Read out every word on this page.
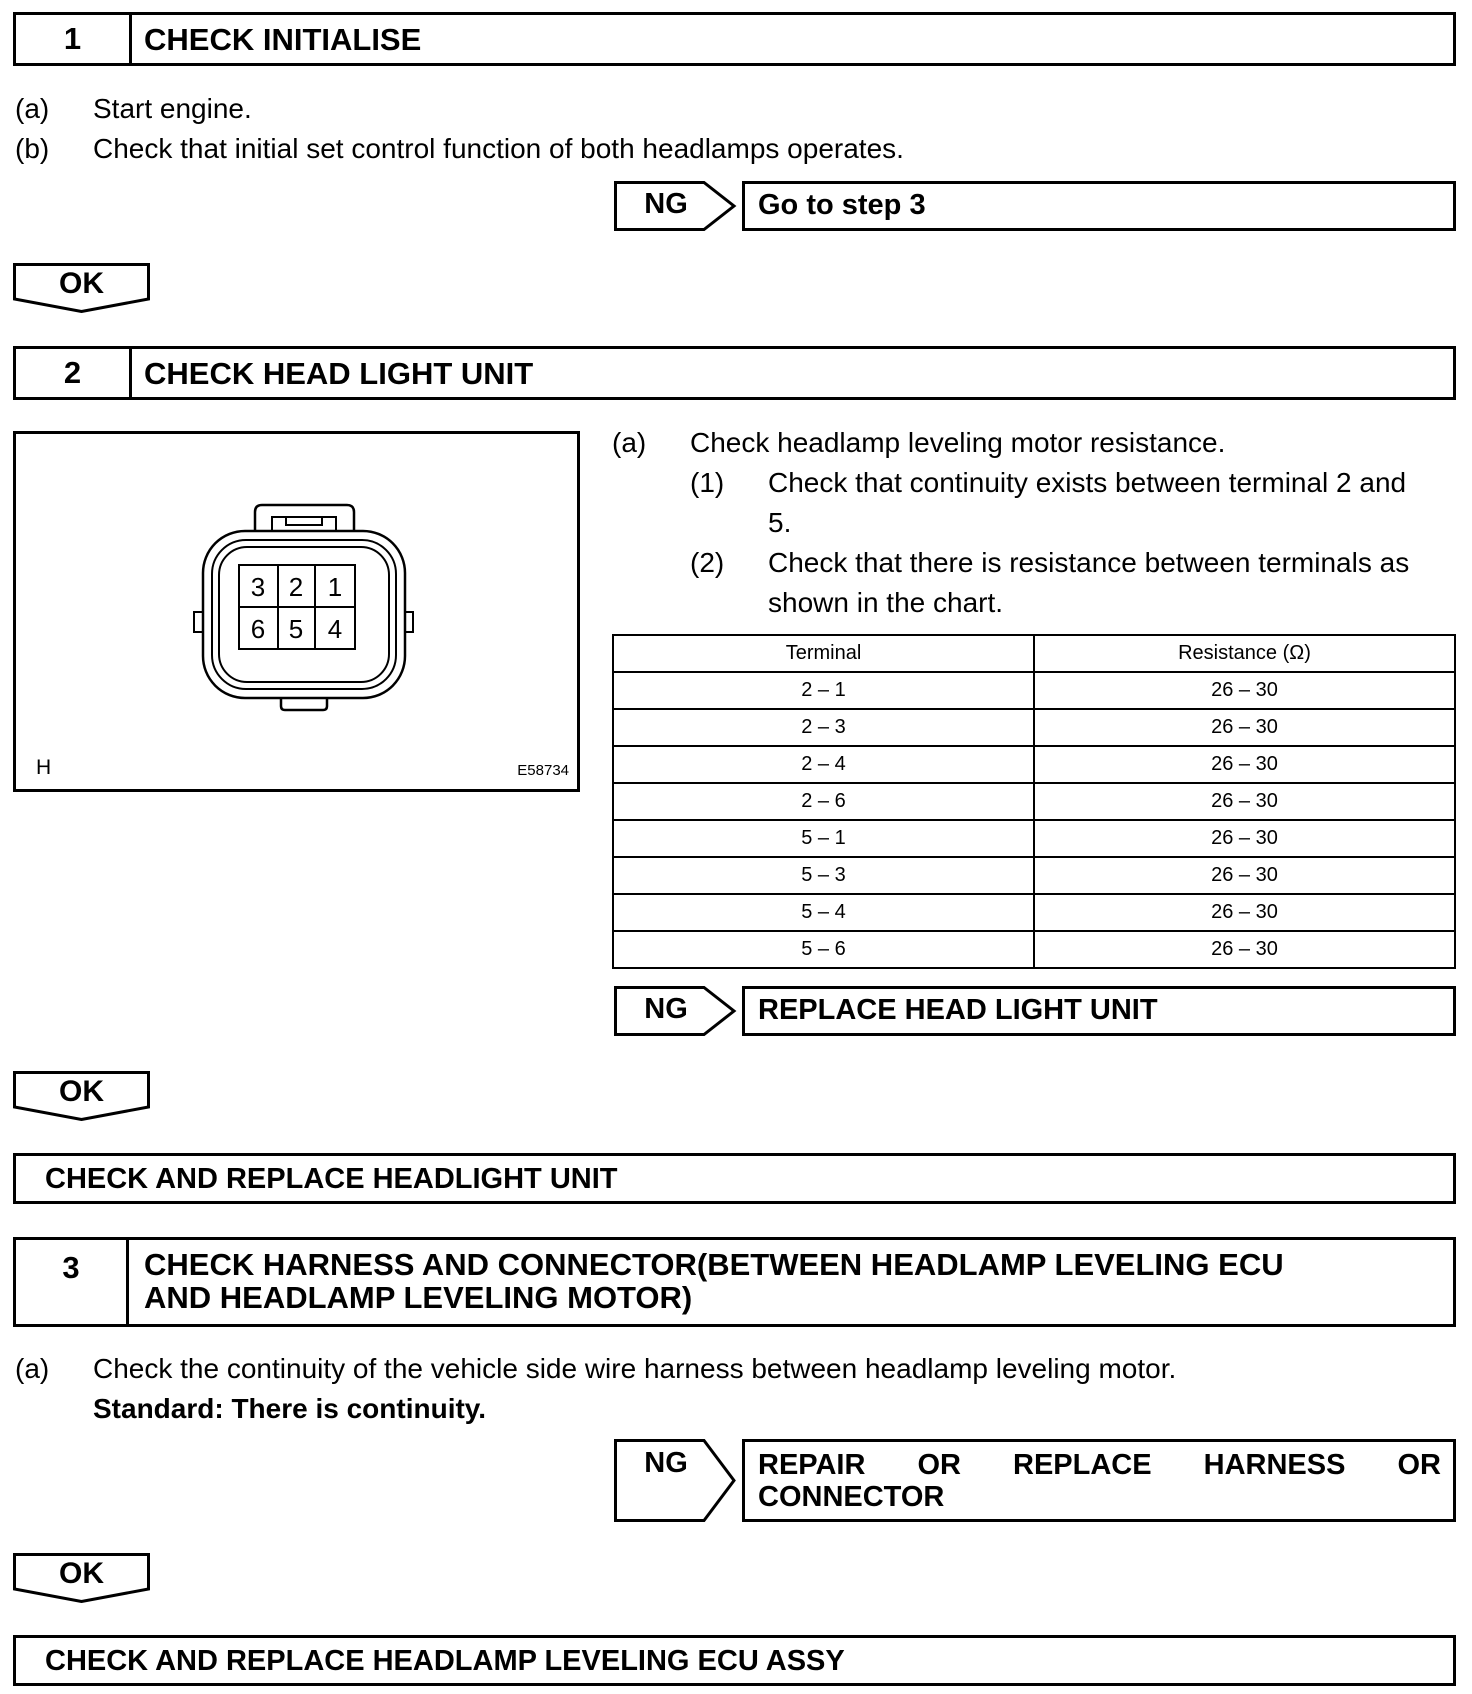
1	CHECK INITIALISE
(a) Start engine.
(b) Check that initial set control function of both headlamps operates.
NG	Go to step 3
OK
2	CHECK HEAD LIGHT UNIT
3 2 1
6 5 4
H	E58734
(a) Check headlamp leveling motor resistance.
(1) Check that continuity exists between terminal 2 and
5.
(2) Check that there is resistance between terminals as
shown in the chart.
Terminal	Resistance (Ω)
2 – 1	26 – 30
2 – 3	26 – 30
2 – 4	26 – 30
2 – 6	26 – 30
5 – 1	26 – 30
5 – 3	26 – 30
5 – 4	26 – 30
5 – 6	26 – 30
NG	REPLACE HEAD LIGHT UNIT
OK
CHECK AND REPLACE HEADLIGHT UNIT
3	CHECK HARNESS AND CONNECTOR(BETWEEN HEADLAMP LEVELING ECU
AND HEADLAMP LEVELING MOTOR)
(a) Check the continuity of the vehicle side wire harness between headlamp leveling motor.
Standard: There is continuity.
NG	REPAIR OR REPLACE HARNESS OR
CONNECTOR
OK
CHECK AND REPLACE HEADLAMP LEVELING ECU ASSY
